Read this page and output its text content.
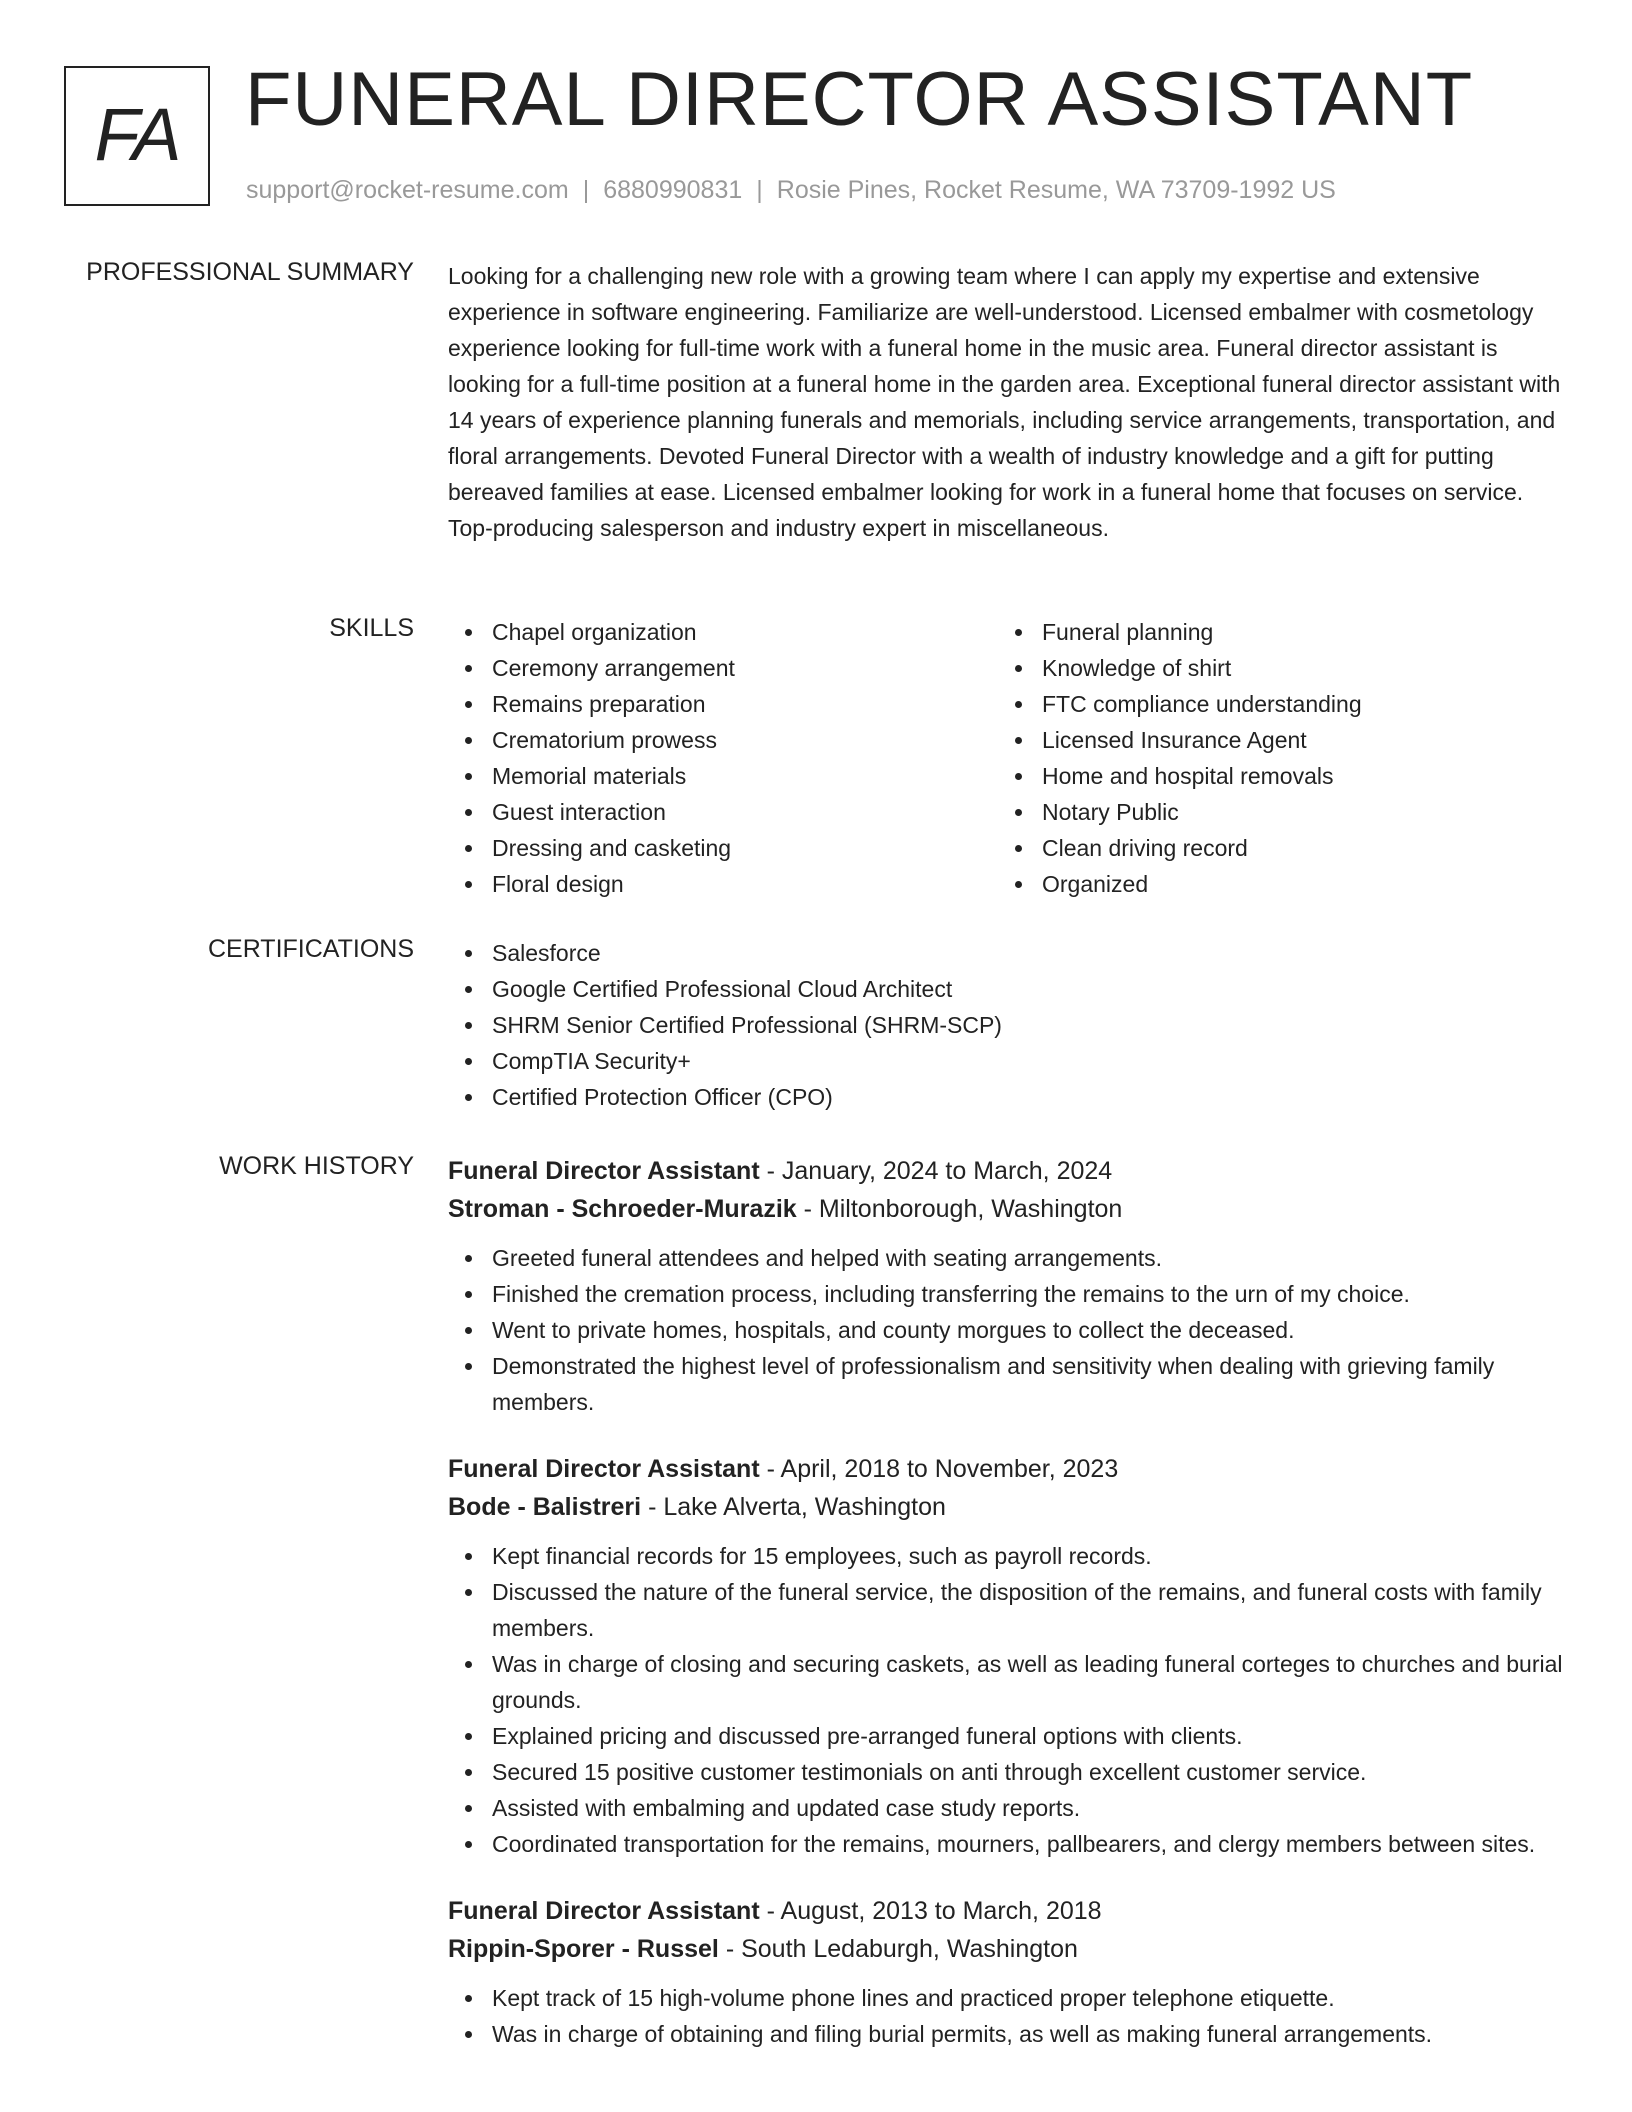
FA FUNERAL DIRECTOR ASSISTANT
support@rocket-resume.com | 6880990831 | Rosie Pines, Rocket Resume, WA 73709-1992 US
PROFESSIONAL SUMMARY Looking for a challenging new role with a growing team where I can apply my expertise and extensive experience in software engineering. Familiarize are well-understood. Licensed embalmer with cosmetology experience looking for full-time work with a funeral home in the music area. Funeral director assistant is looking for a full-time position at a funeral home in the garden area. Exceptional funeral director assistant with 14 years of experience planning funerals and memorials, including service arrangements, transportation, and floral arrangements. Devoted Funeral Director with a wealth of industry knowledge and a gift for putting bereaved families at ease. Licensed embalmer looking for work in a funeral home that focuses on service. Top-producing salesperson and industry expert in miscellaneous.

SKILLS	Chapel organization
Ceremony arrangement
Remains preparation
Crematorium prowess
Memorial materials
Guest interaction
Dressing and casketing
Floral design
Funeral planning
Knowledge of shirt
FTC compliance understanding
Licensed Insurance Agent
Home and hospital removals
Notary Public
Clean driving record
Organized
CERTIFICATIONS	Salesforce
Google Certified Professional Cloud Architect
SHRM Senior Certified Professional (SHRM-SCP)
CompTIA Security+
Certified Protection Officer (CPO)
WORK HISTORY Funeral Director Assistant - January, 2024 to March, 2024
Stroman - Schroeder-Murazik - Miltonborough, Washington
Greeted funeral attendees and helped with seating arrangements.
Finished the cremation process, including transferring the remains to the urn of my choice.
Went to private homes, hospitals, and county morgues to collect the deceased.
Demonstrated the highest level of professionalism and sensitivity when dealing with grieving family members.
Funeral Director Assistant - April, 2018 to November, 2023
Bode - Balistreri - Lake Alverta, Washington
Kept financial records for 15 employees, such as payroll records.
Discussed the nature of the funeral service, the disposition of the remains, and funeral costs with family members.
Was in charge of closing and securing caskets, as well as leading funeral corteges to churches and burial grounds.
Explained pricing and discussed pre-arranged funeral options with clients.
Secured 15 positive customer testimonials on anti through excellent customer service.
Assisted with embalming and updated case study reports.
Coordinated transportation for the remains, mourners, pallbearers, and clergy members between sites.
Funeral Director Assistant - August, 2013 to March, 2018
Rippin-Sporer - Russel - South Ledaburgh, Washington
Kept track of 15 high-volume phone lines and practiced proper telephone etiquette.
Was in charge of obtaining and filing burial permits, as well as making funeral arrangements.
